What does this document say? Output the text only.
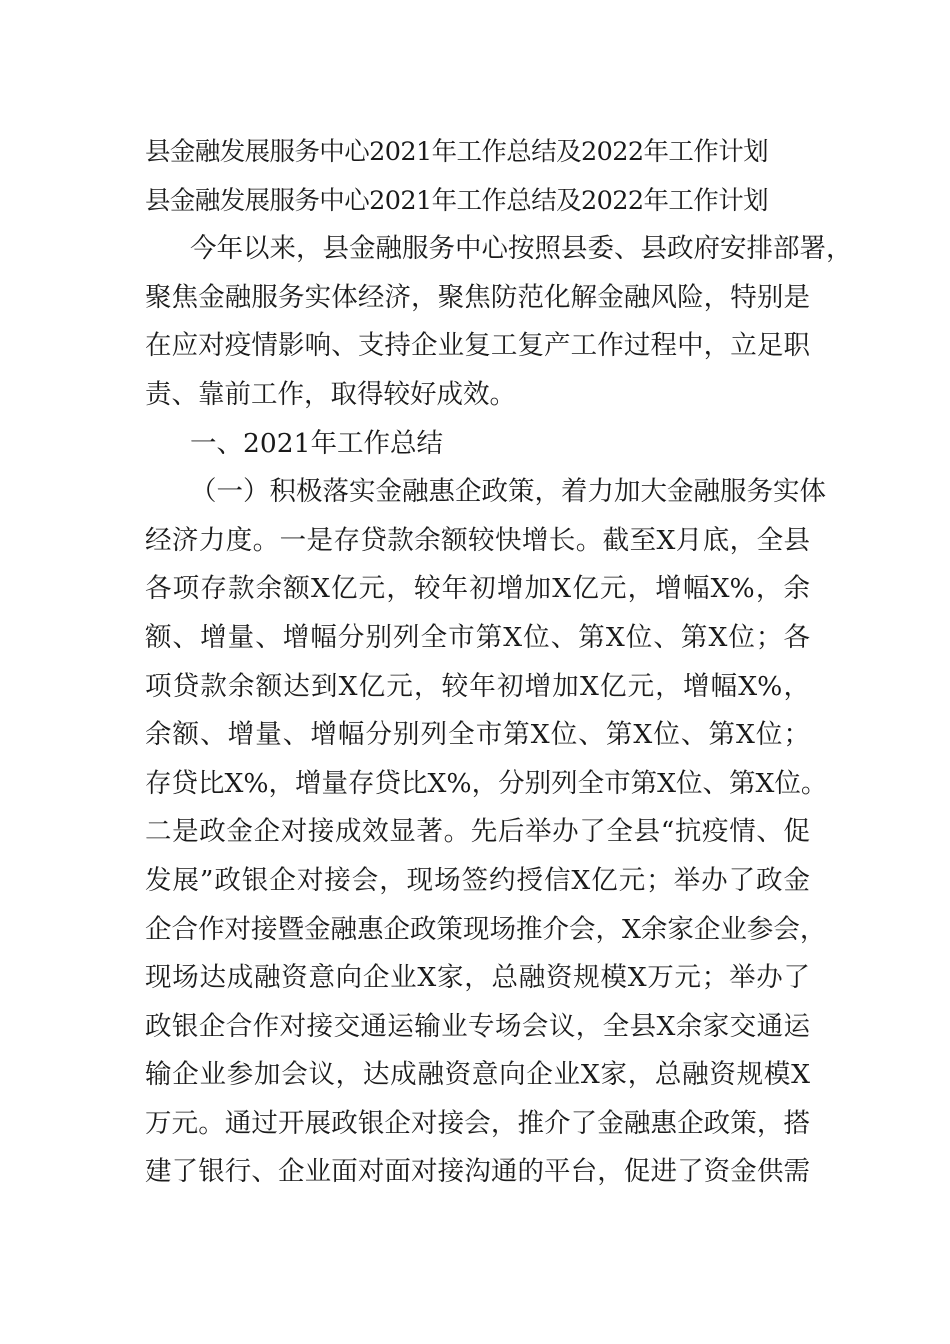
县金融发展服务中心2021年工作总结及2022年工作计划
县金融发展服务中心2021年工作总结及2022年工作计划
今年以来，县金融服务中心按照县委、县政府安排部署，
聚焦金融服务实体经济，聚焦防范化解金融风险，特别是
在应对疫情影响、支持企业复工复产工作过程中，立足职
责、靠前工作，取得较好成效。
一、2021年工作总结
（一）积极落实金融惠企政策，着力加大金融服务实体
经济力度。一是存贷款余额较快增长。截至X月底，全县
各项存款余额X亿元，较年初增加X亿元，增幅X%，余
额、增量、增幅分别列全市第X位、第X位、第X位；各
项贷款余额达到X亿元，较年初增加X亿元，增幅X%，
余额、增量、增幅分别列全市第X位、第X位、第X位；
存贷比X%，增量存贷比X%，分别列全市第X位、第X位。
二是政金企对接成效显著。先后举办了全县“抗疫情、促
发展”政银企对接会，现场签约授信X亿元；举办了政金
企合作对接暨金融惠企政策现场推介会，X余家企业参会，
现场达成融资意向企业X家，总融资规模X万元；举办了
政银企合作对接交通运输业专场会议，全县X余家交通运
输企业参加会议，达成融资意向企业X家，总融资规模X
万元。通过开展政银企对接会，推介了金融惠企政策，搭
建了银行、企业面对面对接沟通的平台，促进了资金供需
